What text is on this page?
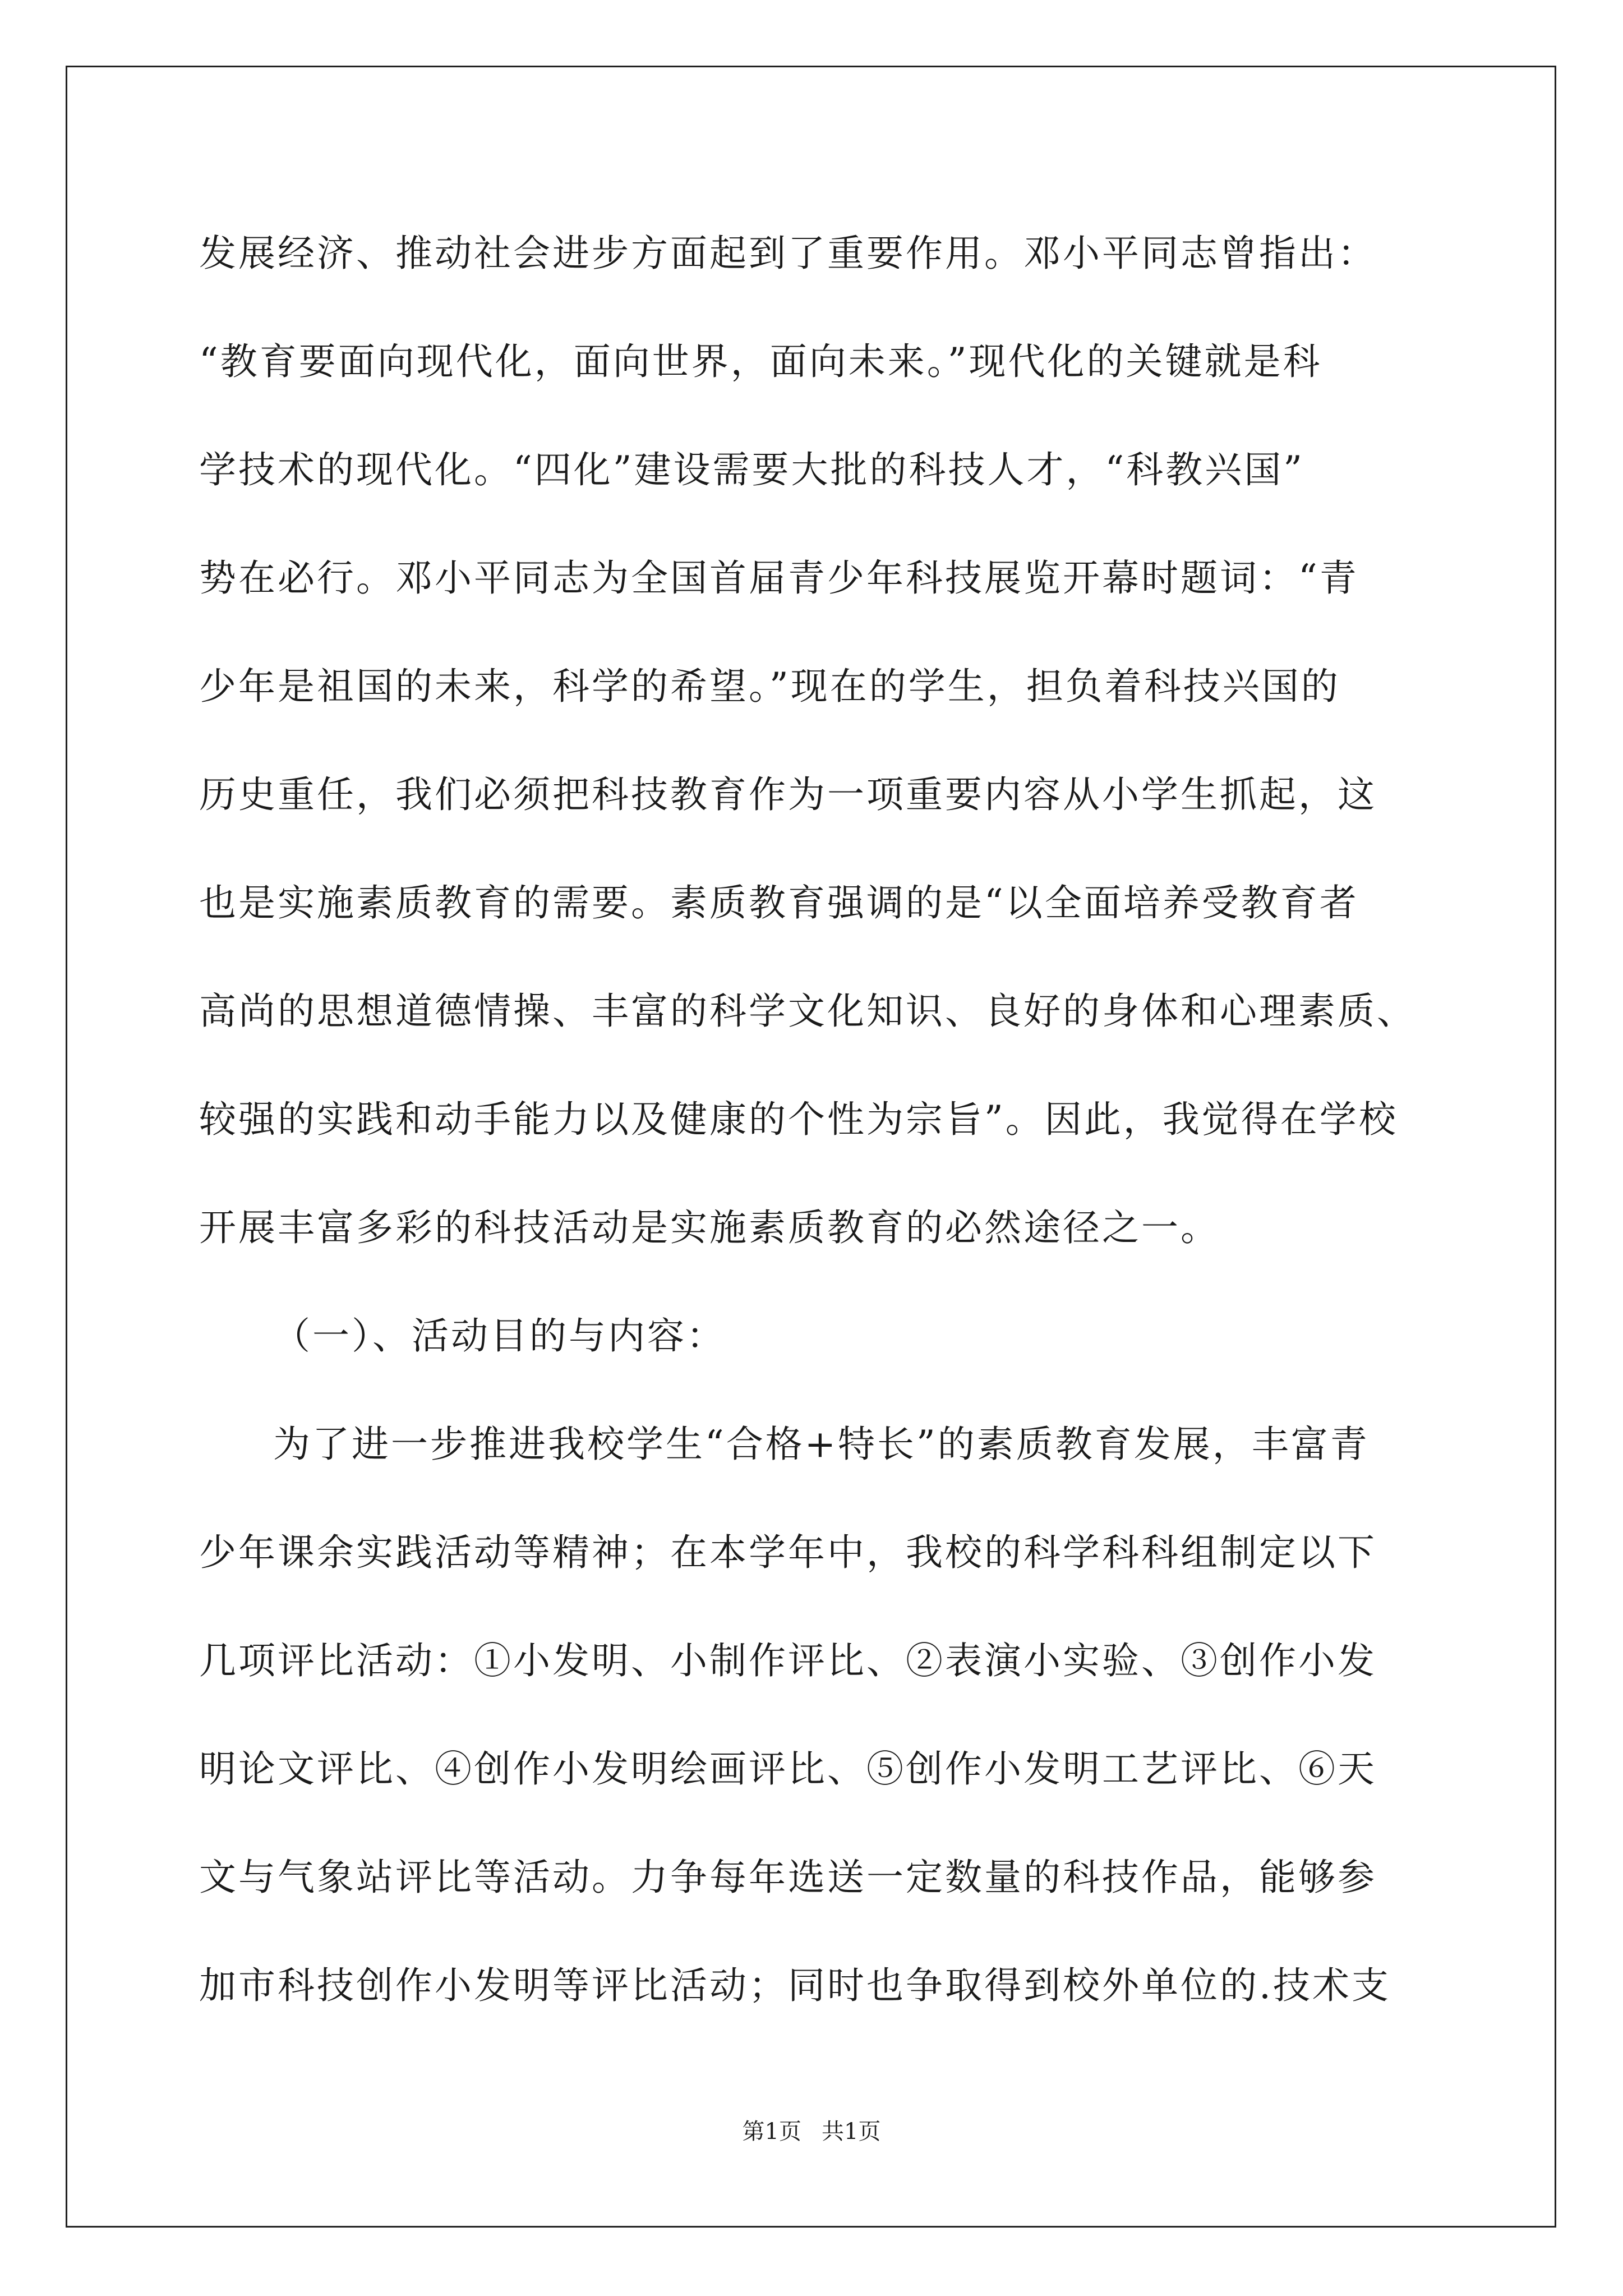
发展经济、推动社会进步方面起到了重要作用。邓小平同志曾指出：

“教育要面向现代化，面向世界，面向未来。”现代化的关键就是科

学技术的现代化。“四化”建设需要大批的科技人才，“科教兴国”

势在必行。邓小平同志为全国首届青少年科技展览开幕时题词：“青

少年是祖国的未来，科学的希望。”现在的学生，担负着科技兴国的

历史重任，我们必须把科技教育作为一项重要内容从小学生抓起，这

也是实施素质教育的需要。素质教育强调的是“以全面培养受教育者

高尚的思想道德情操、丰富的科学文化知识、良好的身体和心理素质、

较强的实践和动手能力以及健康的个性为宗旨”。因此，我觉得在学校

开展丰富多彩的科技活动是实施素质教育的必然途径之一。

（一）、活动目的与内容：

为了进一步推进我校学生“合格+特长”的素质教育发展，丰富青

少年课余实践活动等精神；在本学年中，我校的科学科科组制定以下

几项评比活动：①小发明、小制作评比、②表演小实验、③创作小发

明论文评比、④创作小发明绘画评比、⑤创作小发明工艺评比、⑥天

文与气象站评比等活动。力争每年选送一定数量的科技作品，能够参

加市科技创作小发明等评比活动；同时也争取得到校外单位的.技术支

第1页 共1页
